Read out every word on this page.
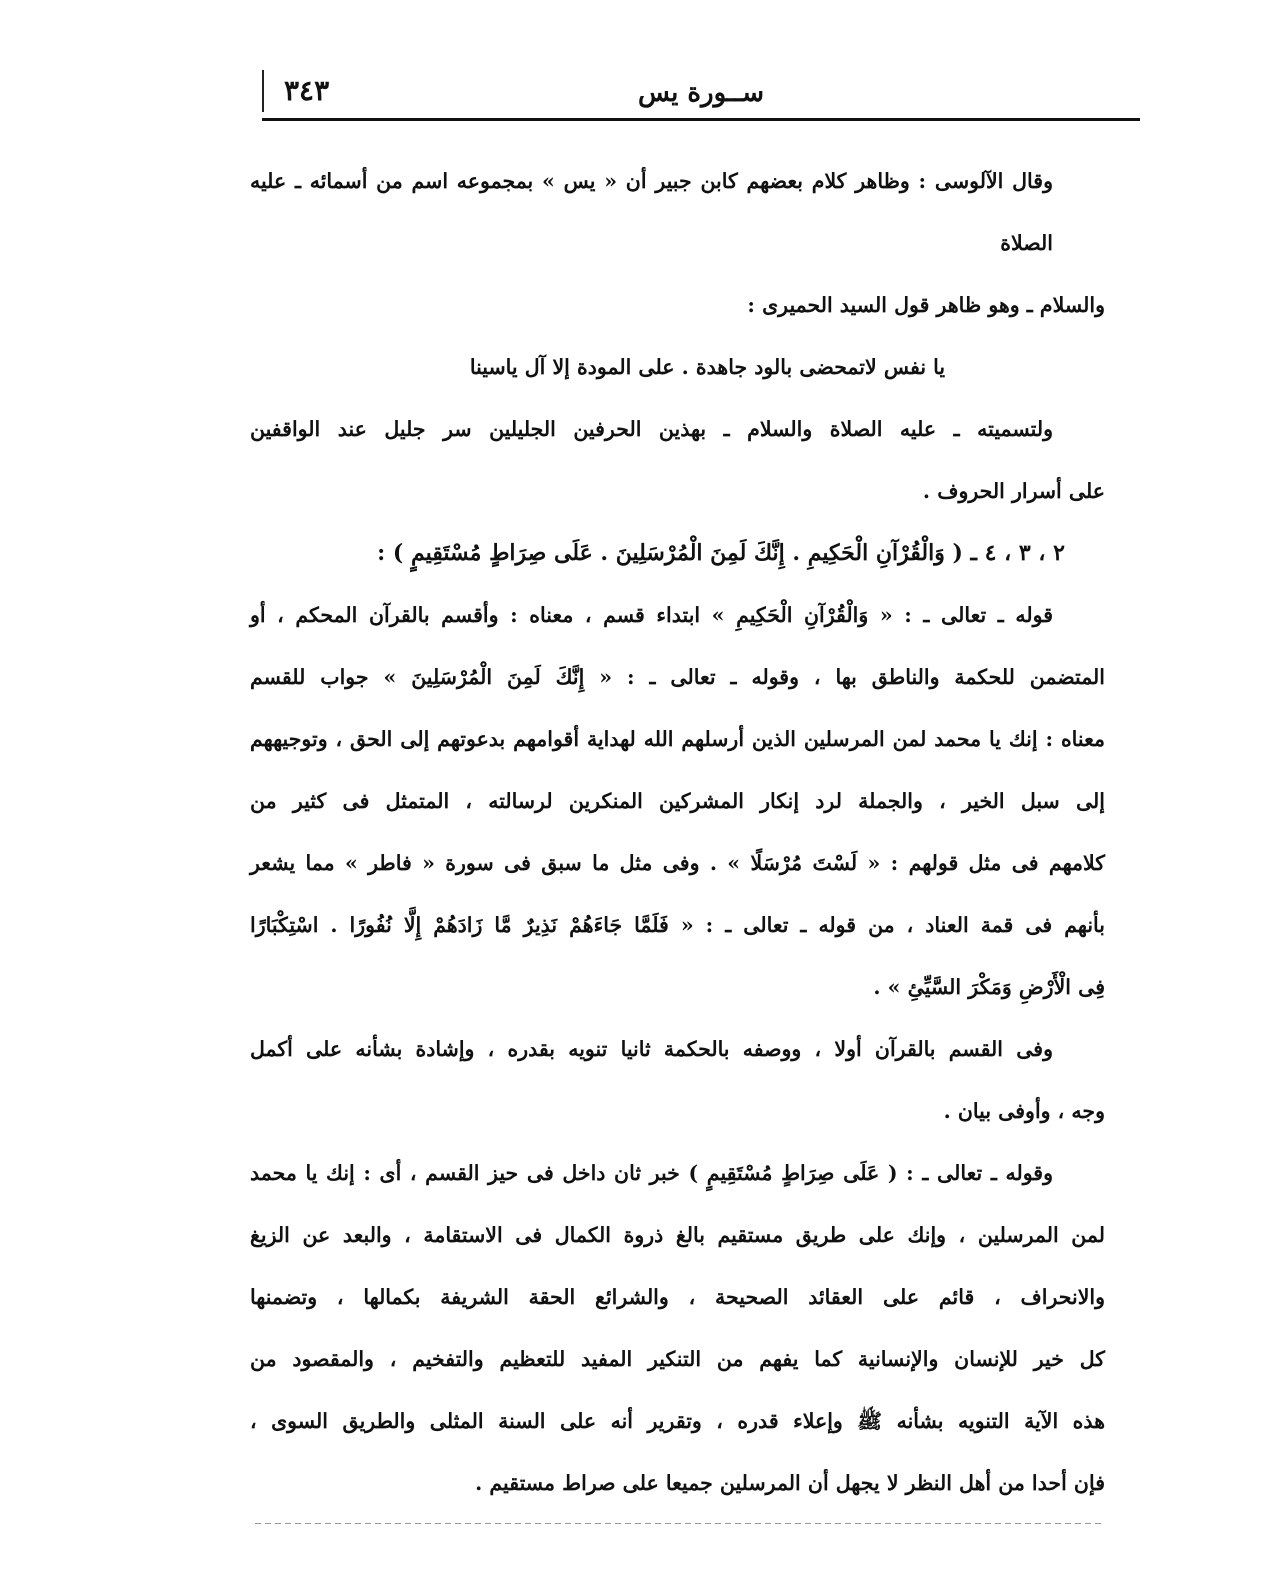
٣٤٣	ســورة يس
وقال الآلوسى : وظاهر كلام بعضهم كابن جبير أن « يس » بمجموعه اسم من أسمائه ـ عليه الصلاة
والسلام ـ وهو ظاهر قول السيد الحميرى :
يا نفس لاتمحضى بالود جاهدة . على المودة إلا آل ياسينا
ولتسميته ـ عليه الصلاة والسلام ـ بهذين الحرفين الجليلين سر جليل عند الواقفين
على أسرار الحروف .
٢ ، ٣ ، ٤ ـ ( وَالْقُرْآنِ الْحَكِيمِ . إِنَّكَ لَمِنَ الْمُرْسَلِينَ . عَلَى صِرَاطٍ مُسْتَقِيمٍ ) :
قوله ـ تعالى ـ : « وَالْقُرْآنِ الْحَكِيمِ » ابتداء قسم ، معناه : وأقسم بالقرآن المحكم ، أو
المتضمن للحكمة والناطق بها ، وقوله ـ تعالى ـ : « إِنَّكَ لَمِنَ الْمُرْسَلِينَ » جواب للقسم
معناه : إنك يا محمد لمن المرسلين الذين أرسلهم الله لهداية أقوامهم بدعوتهم إلى الحق ، وتوجيههم
إلى سبل الخير ، والجملة لرد إنكار المشركين المنكرين لرسالته ، المتمثل فى كثير من
كلامهم فى مثل قولهم : « لَسْتَ مُرْسَلًا » . وفى مثل ما سبق فى سورة « فاطر » مما يشعر
بأنهم فى قمة العناد ، من قوله ـ تعالى ـ : « فَلَمَّا جَاءَهُمْ نَذِيرٌ مَّا زَادَهُمْ إِلَّا نُفُورًا . اسْتِكْبَارًا
فِى الْأَرْضِ وَمَكْرَ السَّيِّئِ » .
وفى القسم بالقرآن أولا ، ووصفه بالحكمة ثانيا تنويه بقدره ، وإشادة بشأنه على أكمل
وجه ، وأوفى بيان .
وقوله ـ تعالى ـ : ( عَلَى صِرَاطٍ مُسْتَقِيمٍ ) خبر ثان داخل فى حيز القسم ، أى : إنك يا محمد
لمن المرسلين ، وإنك على طريق مستقيم بالغ ذروة الكمال فى الاستقامة ، والبعد عن الزيغ
والانحراف ، قائم على العقائد الصحيحة ، والشرائع الحقة الشريفة بكمالها ، وتضمنها
كل خير للإنسان والإنسانية كما يفهم من التنكير المفيد للتعظيم والتفخيم ، والمقصود من
هذه الآية التنويه بشأنه ﷺ وإعلاء قدره ، وتقرير أنه على السنة المثلى والطريق السوى ،
فإن أحدا من أهل النظر لا يجهل أن المرسلين جميعا على صراط مستقيم .
